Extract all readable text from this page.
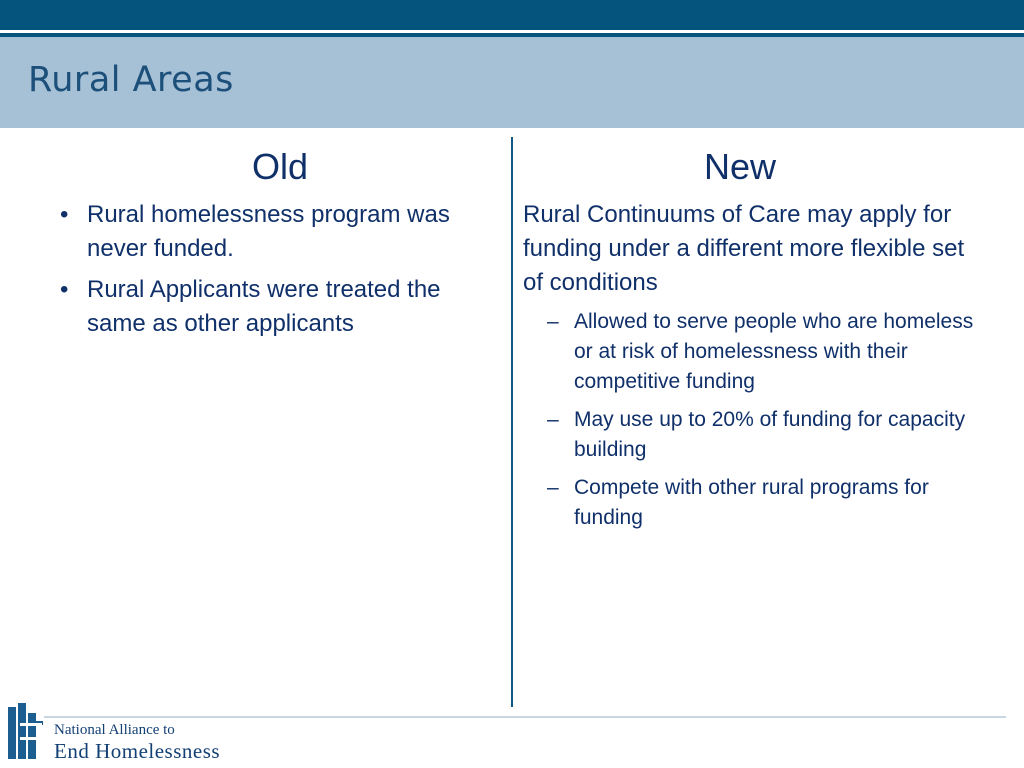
Rural Areas
Old	New
• Rural homelessness program was never funded.
• Rural Applicants were treated the same as other applicants
Rural Continuums of Care may apply for funding under a different more flexible set of conditions
– Allowed to serve people who are homeless or at risk of homelessness with their competitive funding
– May use up to 20% of funding for capacity building
– Compete with other rural programs for funding
National Alliance to
End Homelessness
